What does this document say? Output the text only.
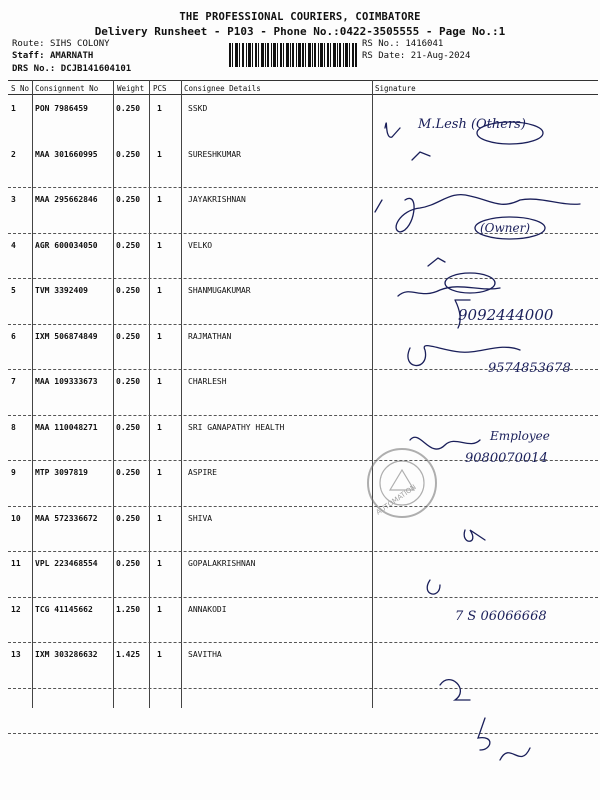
THE PROFESSIONAL COURIERS, COIMBATORE
Delivery Runsheet - P103 - Phone No.:0422-3505555 - Page No.:1
Route: SIHS COLONY
Staff: AMARNATH
DRS No.: DCJB141604101
RS No.: 1416041
RS Date: 21-Aug-2024
S No Consignment No	Weight PCS Consignee Details	Signature
1 PON 7986459	0.250 1	SSKD
2 MAA 301660995 0.250 1	SURESHKUMAR
3 MAA 295662846 0.250 1	JAYAKRISHNAN
4 AGR 600034050 0.250 1	VELKO
5 TVM 3392409	0.250 1	SHANMUGAKUMAR
6 IXM 506874849 0.250 1	RAJMATHAN
7 MAA 109333673 0.250 1	CHARLESH
8 MAA 110048271 0.250 1	SRI GANAPATHY HEALTH
9 MTP 3097819	0.250 1	ASPIRE
10 MAA 572336672 0.250 1	SHIVA
11 VPL 223468554 0.250 1	GOPALAKRISHNAN
12 TCG 41145662	1.250 1	ANNAKODI
13 IXM 303286632 1.425 1	SAVITHA
M.Lesh (Others)
(Owner)
9092444000
9574853678
Employee
9080070014
7 S 06066668
AUTOMATION
